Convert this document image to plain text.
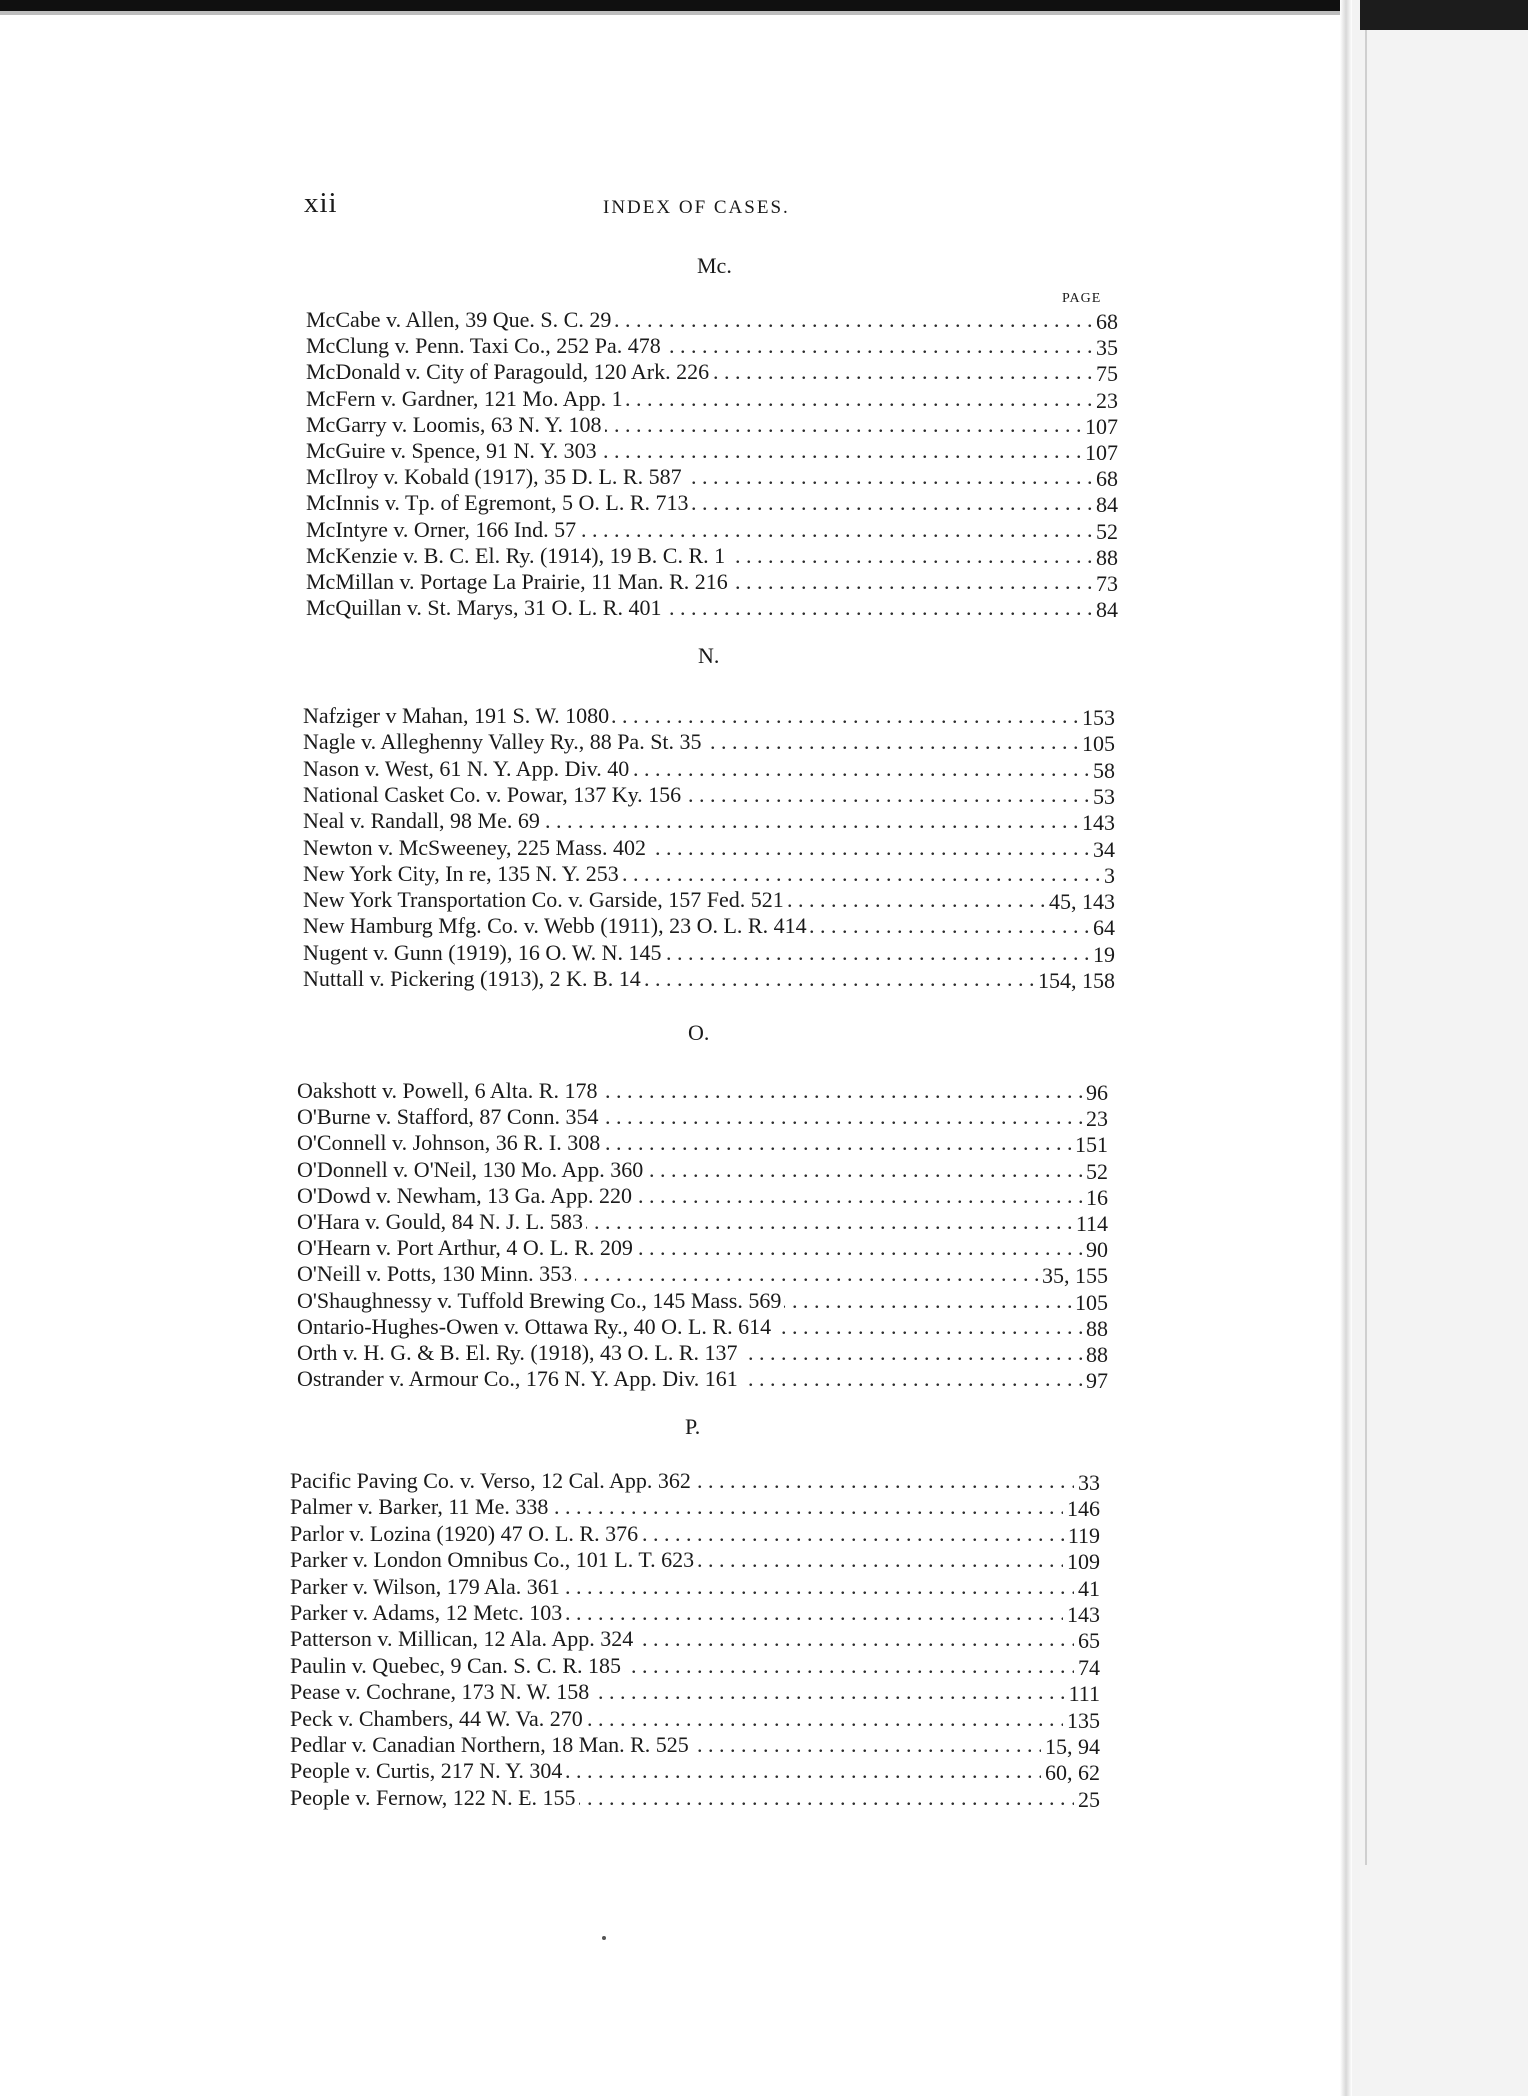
xii	INDEX OF CASES.
PAGE
Mc.
. . .
McCabe v. Allen, 39 Que. S. C. 29	68
. . .
McClung v. Penn. Taxi Co., 252 Pa. 478	35
. . .
McDonald v. City of Paragould, 120 Ark. 226	75
. . .
McFern v. Gardner, 121 Mo. App. 1	23
. . .
McGarry v. Loomis, 63 N. Y. 108	107
. . .
McGuire v. Spence, 91 N. Y. 303	107
. . .
McIlroy v. Kobald (1917), 35 D. L. R. 587	68
. . .
McInnis v. Tp. of Egremont, 5 O. L. R. 713	84
. . .
McIntyre v. Orner, 166 Ind. 57	52
. . .
McKenzie v. B. C. El. Ry. (1914), 19 B. C. R. 1	88
. . .
McMillan v. Portage La Prairie, 11 Man. R. 216	73
. . .
McQuillan v. St. Marys, 31 O. L. R. 401	84
N.
. . .
Nafziger v Mahan, 191 S. W. 1080	153
. . .
Nagle v. Alleghenny Valley Ry., 88 Pa. St. 35	105
. . .
Nason v. West, 61 N. Y. App. Div. 40	58
. . .
National Casket Co. v. Powar, 137 Ky. 156	53
. . .
Neal v. Randall, 98 Me. 69	143
. . .
Newton v. McSweeney, 225 Mass. 402	34
. . .
New York City, In re, 135 N. Y. 253	3
. . .
New York Transportation Co. v. Garside, 157 Fed. 521	45, 143
. . .
New Hamburg Mfg. Co. v. Webb (1911), 23 O. L. R. 414	64
. . .
Nugent v. Gunn (1919), 16 O. W. N. 145	19
. . .
Nuttall v. Pickering (1913), 2 K. B. 14	154, 158
O.
. . .
Oakshott v. Powell, 6 Alta. R. 178	96
. . .
O'Burne v. Stafford, 87 Conn. 354	23
. . .
O'Connell v. Johnson, 36 R. I. 308	151
. . .
O'Donnell v. O'Neil, 130 Mo. App. 360	52
. . .
O'Dowd v. Newham, 13 Ga. App. 220	16
. . .
O'Hara v. Gould, 84 N. J. L. 583	114
. . .
O'Hearn v. Port Arthur, 4 O. L. R. 209	90
. . .
O'Neill v. Potts, 130 Minn. 353	35, 155
. . .
O'Shaughnessy v. Tuffold Brewing Co., 145 Mass. 569	105
. . .
Ontario-Hughes-Owen v. Ottawa Ry., 40 O. L. R. 614	88
. . .
Orth v. H. G. & B. El. Ry. (1918), 43 O. L. R. 137	88
. . .
Ostrander v. Armour Co., 176 N. Y. App. Div. 161	97
P.
. . .
Pacific Paving Co. v. Verso, 12 Cal. App. 362	33
. . .
Palmer v. Barker, 11 Me. 338	146
. . .
Parlor v. Lozina (1920) 47 O. L. R. 376	119
. . .
Parker v. London Omnibus Co., 101 L. T. 623	109
. . .
Parker v. Wilson, 179 Ala. 361	41
. . .
Parker v. Adams, 12 Metc. 103	143
. . .
Patterson v. Millican, 12 Ala. App. 324	65
. . .
Paulin v. Quebec, 9 Can. S. C. R. 185	74
. . .
Pease v. Cochrane, 173 N. W. 158	111
. . .
Peck v. Chambers, 44 W. Va. 270	135
. . .
Pedlar v. Canadian Northern, 18 Man. R. 525	15, 94
. . .
People v. Curtis, 217 N. Y. 304	60, 62
. . .
People v. Fernow, 122 N. E. 155	25
